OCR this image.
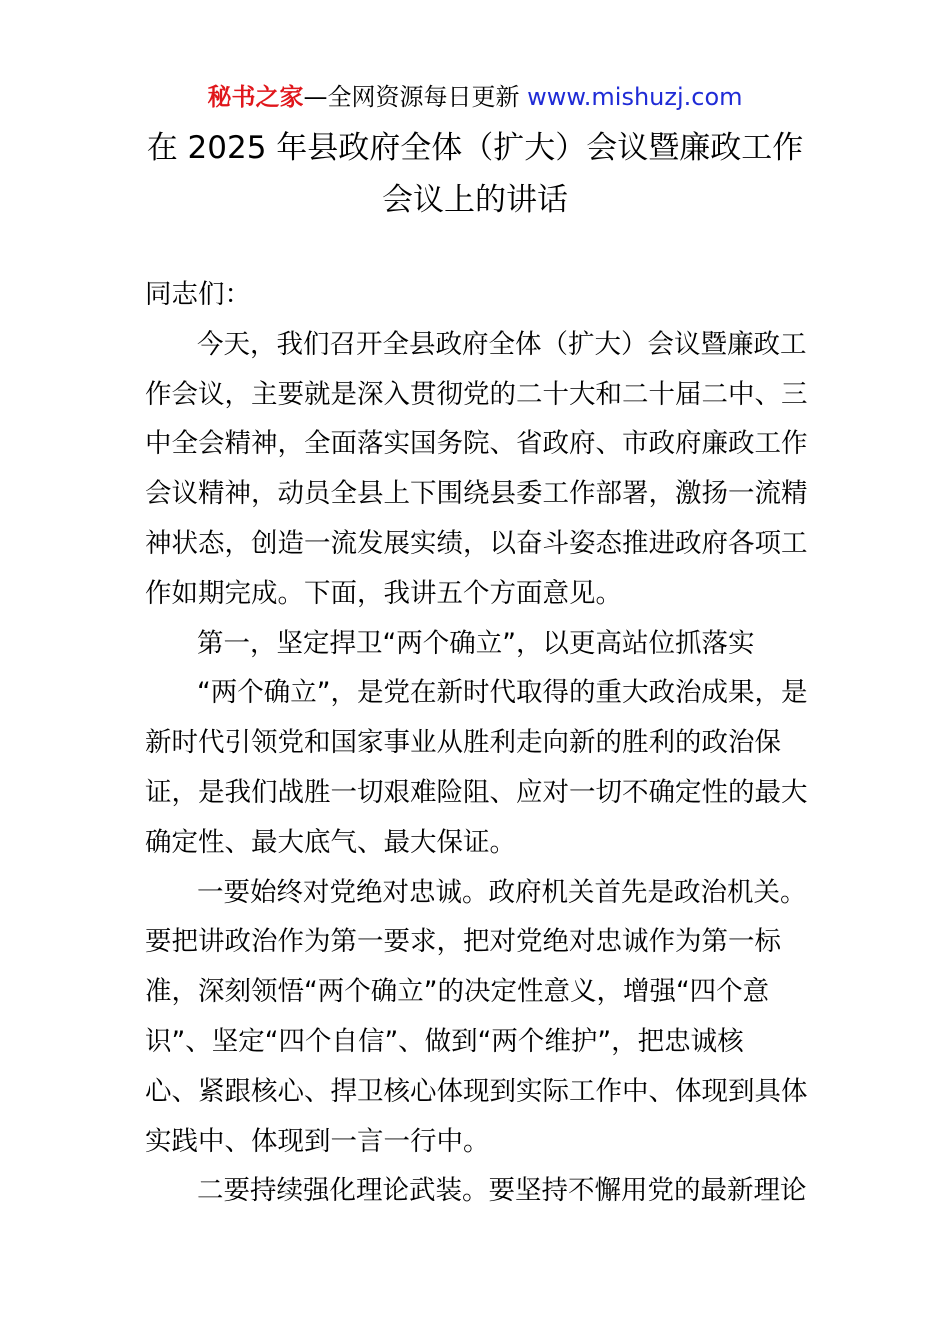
秘书之家—全网资源每日更新 www.mishuzj.com
在 2025 年县政府全体（扩大）会议暨廉政工作
会议上的讲话
同志们：
今天，我们召开全县政府全体（扩大）会议暨廉政工
作会议，主要就是深入贯彻党的二十大和二十届二中、三
中全会精神，全面落实国务院、省政府、市政府廉政工作
会议精神，动员全县上下围绕县委工作部署，激扬一流精
神状态，创造一流发展实绩，以奋斗姿态推进政府各项工
作如期完成。下面，我讲五个方面意见。
第一，坚定捍卫“两个确立”，以更高站位抓落实
“两个确立”，是党在新时代取得的重大政治成果，是
新时代引领党和国家事业从胜利走向新的胜利的政治保
证，是我们战胜一切艰难险阻、应对一切不确定性的最大
确定性、最大底气、最大保证。
一要始终对党绝对忠诚。政府机关首先是政治机关。
要把讲政治作为第一要求，把对党绝对忠诚作为第一标
准，深刻领悟“两个确立”的决定性意义，增强“四个意
识”、坚定“四个自信”、做到“两个维护”，把忠诚核
心、紧跟核心、捍卫核心体现到实际工作中、体现到具体
实践中、体现到一言一行中。
二要持续强化理论武装。要坚持不懈用党的最新理论
